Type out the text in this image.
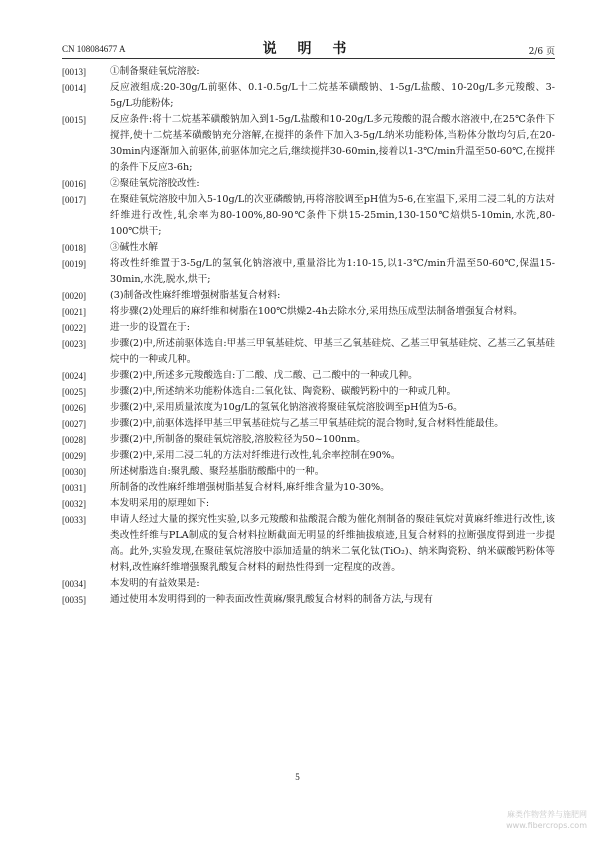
CN 108084677 A	说 明 书	2/6 页
[0013]	①制备聚硅氧烷溶胶:
[0014]	反应液组成:20-30g/L前驱体、0.1-0.5g/L十二烷基苯磺酸钠、1-5g/L盐酸、10-20g/L多元羧酸、3-5g/L功能粉体;
[0015]	反应条件:将十二烷基苯磺酸钠加入到1-5g/L盐酸和10-20g/L多元羧酸的混合酸水溶液中,在25℃条件下搅拌,使十二烷基苯磺酸钠充分溶解,在搅拌的条件下加入3-5g/L纳米功能粉体,当粉体分散均匀后,在20-30min内逐渐加入前驱体,前驱体加完之后,继续搅拌30-60min,接着以1-3℃/min升温至50-60℃,在搅拌的条件下反应3-6h;
[0016]	②聚硅氧烷溶胶改性:
[0017]	在聚硅氧烷溶胶中加入5-10g/L的次亚磷酸钠,再将溶胶调至pH值为5-6,在室温下,采用二浸二轧的方法对纤维进行改性,轧余率为80-100%,80-90℃条件下烘15-25min,130-150℃焙烘5-10min,水洗,80-100℃烘干;
[0018]	③碱性水解
[0019]	将改性纤维置于3-5g/L的氢氧化钠溶液中,重量浴比为1:10-15,以1-3℃/min升温至50-60℃,保温15-30min,水洗,脱水,烘干;
[0020]	(3)制备改性麻纤维增强树脂基复合材料:
[0021]	将步骤(2)处理后的麻纤维和树脂在100℃烘燥2-4h去除水分,采用热压成型法制备增强复合材料。
[0022]	进一步的设置在于:
[0023]	步骤(2)中,所述前驱体选自:甲基三甲氧基硅烷、甲基三乙氧基硅烷、乙基三甲氧基硅烷、乙基三乙氧基硅烷中的一种或几种。
[0024]	步骤(2)中,所述多元羧酸选自:丁二酸、戊二酸、己二酸中的一种或几种。
[0025]	步骤(2)中,所述纳米功能粉体选自:二氧化钛、陶瓷粉、碳酸钙粉中的一种或几种。
[0026]	步骤(2)中,采用质量浓度为10g/L的氢氧化钠溶液将聚硅氧烷溶胶调至pH值为5-6。
[0027]	步骤(2)中,前驱体选择甲基三甲氧基硅烷与乙基三甲氧基硅烷的混合物时,复合材料性能最佳。
[0028]	步骤(2)中,所制备的聚硅氧烷溶胶,溶胶粒径为50~100nm。
[0029]	步骤(2)中,采用二浸二轧的方法对纤维进行改性,轧余率控制在90%。
[0030]	所述树脂选自:聚乳酸、聚羟基脂肪酸酯中的一种。
[0031]	所制备的改性麻纤维增强树脂基复合材料,麻纤维含量为10-30%。
[0032]	本发明采用的原理如下:
[0033]	申请人经过大量的探究性实验,以多元羧酸和盐酸混合酸为催化剂制备的聚硅氧烷对黄麻纤维进行改性,该类改性纤维与PLA制成的复合材料拉断截面无明显的纤维抽拔痕迹,且复合材料的拉断强度得到进一步提高。此外,实验发现,在聚硅氧烷溶胶中添加适量的纳米二氧化钛(TiO₂)、纳米陶瓷粉、纳米碳酸钙粉体等材料,改性麻纤维增强聚乳酸复合材料的耐热性得到一定程度的改善。
[0034]	本发明的有益效果是:
[0035]	通过使用本发明得到的一种表面改性黄麻/聚乳酸复合材料的制备方法,与现有
5
麻类作物营养与施肥网
www.fibercrops.com
